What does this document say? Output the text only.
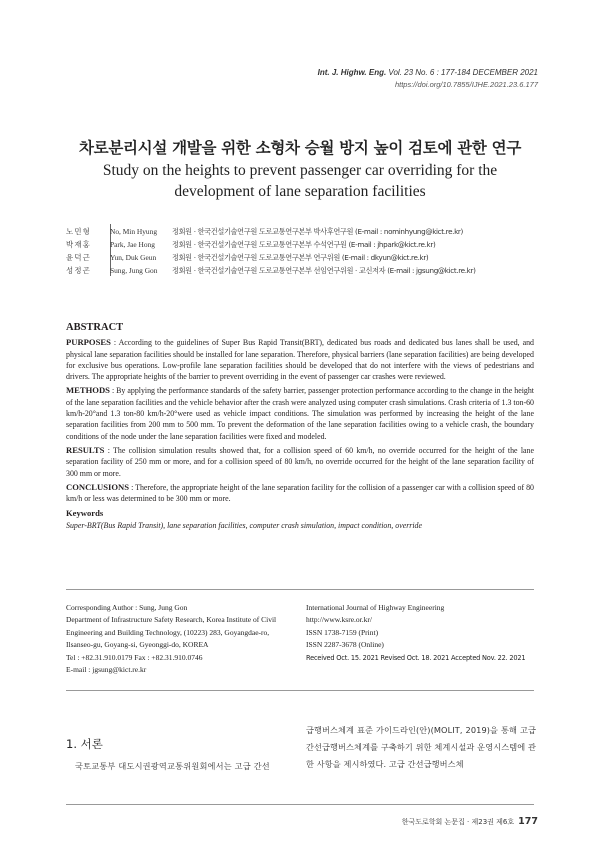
Int. J. Highw. Eng. Vol. 23 No. 6 : 177-184 DECEMBER 2021
https://doi.org/10.7855/IJHE.2021.23.6.177
차로분리시설 개발을 위한 소형차 승월 방지 높이 검토에 관한 연구
Study on the heights to prevent passenger car overriding for the development of lane separation facilities
노민형	No, Min Hyung	정회원 · 한국건설기술연구원 도로교통연구본부 박사후연구원 (E-mail : nominhyung@kict.re.kr)
박재홍	Park, Jae Hong	정회원 · 한국건설기술연구원 도로교통연구본부 수석연구원 (E-mail : jhpark@kict.re.kr)
윤덕근	Yun, Duk Geun	정회원 · 한국건설기술연구원 도로교통연구본부 연구위원 (E-mail : dkyun@kict.re.kr)
성정곤	Sung, Jung Gon	정회원 · 한국건설기술연구원 도로교통연구본부 선임연구위원 · 교신저자 (E-mail : jgsung@kict.re.kr)
ABSTRACT

PURPOSES : According to the guidelines of Super Bus Rapid Transit(BRT), dedicated bus roads and dedicated bus lanes shall be used, and physical lane separation facilities should be installed for lane separation. Therefore, physical barriers (lane separation facilities) are being developed for exclusive bus operations. Low-profile lane separation facilities should be developed that do not interfere with the views of pedestrians and drivers. The appropriate heights of the barrier to prevent overriding in the event of passenger car crashes were reviewed.

METHODS : By applying the performance standards of the safety barrier, passenger protection performance according to the change in the height of the lane separation facilities and the vehicle behavior after the crash were analyzed using computer crash simulations. Crash criteria of 1.3 ton-60 km/h-20°and 1.3 ton-80 km/h-20°were used as vehicle impact conditions. The simulation was performed by increasing the height of the lane separation facilities from 200 mm to 500 mm. To prevent the deformation of the lane separation facilities owing to a vehicle crash, the boundary conditions of the node under the lane separation facilities were fixed and modeled.

RESULTS : The collision simulation results showed that, for a collision speed of 60 km/h, no override occurred for the height of the lane separation facility of 250 mm or more, and for a collision speed of 80 km/h, no override occurred for the height of the lane separation facility of 300 mm or more.

CONCLUSIONS : Therefore, the appropriate height of the lane separation facility for the collision of a passenger car with a collision speed of 80 km/h or less was determined to be 300 mm or more.

Keywords
Super-BRT(Bus Rapid Transit), lane separation facilities, computer crash simulation, impact condition, override
Corresponding Author : Sung, Jung Gon
Department of Infrastructure Safety Research, Korea Institute of Civil
Engineering and Building Technology, (10223) 283, Goyangdae-ro,
Ilsanseo-gu, Goyang-si, Gyeonggi-do, KOREA
Tel : +82.31.910.0179 Fax : +82.31.910.0746
E-mail : jgsung@kict.re.kr
International Journal of Highway Engineering
http://www.ksre.or.kr/
ISSN 1738-7159 (Print)
ISSN 2287-3678 (Online)
Received Oct. 15. 2021 Revised Oct. 18. 2021 Accepted Nov. 22. 2021
1. 서론
국토교통부 대도시권광역교통위원회에서는 고급 간선
급행버스체계 표준 가이드라인(안)(MOLIT, 2019)을 통해 고급 간선급행버스체계를 구축하기 위한 체계시설과 운영시스템에 관한 사항을 제시하였다. 고급 간선급행버스체
한국도로학회 논문집 · 제23권 제6호 177
